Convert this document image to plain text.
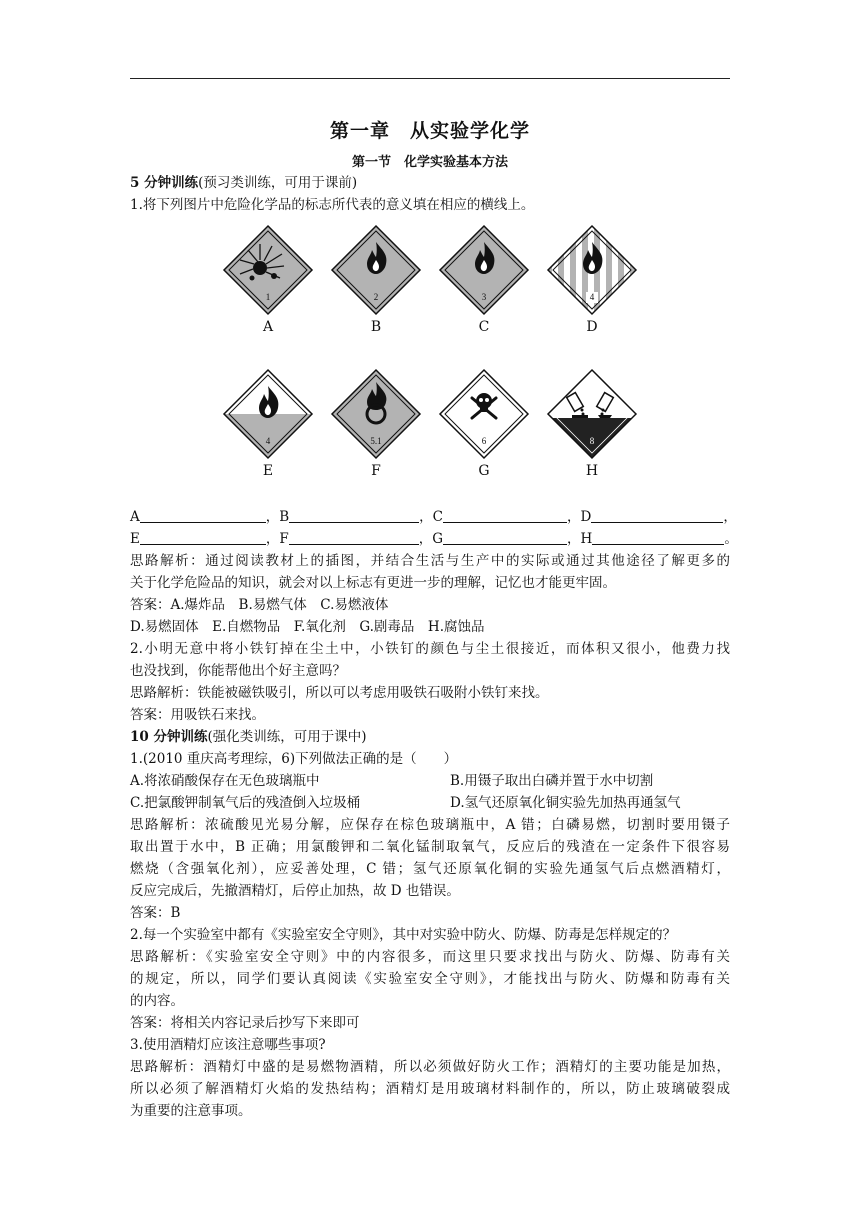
第一章　从实验学化学
第一节　化学实验基本方法
5 分钟训练(预习类训练，可用于课前)
1.将下列图片中危险化学品的标志所代表的意义填在相应的横线上。
1
A
2
B
3
C
4
D
4
E
5.1
F
6
G
8
H
A	，B	，C	，D	，
E	，F	，G	，H	。
思路解析：通过阅读教材上的插图，并结合生活与生产中的实际或通过其他途径了解更多的
关于化学危险品的知识，就会对以上标志有更进一步的理解，记忆也才能更牢固。
答案：A.爆炸品　B.易燃气体　C.易燃液体
D.易燃固体　E.自燃物品　F.氧化剂　G.剧毒品　H.腐蚀品
2.小明无意中将小铁钉掉在尘土中，小铁钉的颜色与尘土很接近，而体积又很小，他费力找
也没找到，你能帮他出个好主意吗？
思路解析：铁能被磁铁吸引，所以可以考虑用吸铁石吸附小铁钉来找。
答案：用吸铁石来找。
10 分钟训练(强化类训练，可用于课中)
1.(2010 重庆高考理综，6)下列做法正确的是（　　）
A.将浓硝酸保存在无色玻璃瓶中	B.用镊子取出白磷并置于水中切割
C.把氯酸钾制氧气后的残渣倒入垃圾桶	D.氢气还原氧化铜实验先加热再通氢气
思路解析：浓硫酸见光易分解，应保存在棕色玻璃瓶中，A 错；白磷易燃，切割时要用镊子
取出置于水中，B 正确；用氯酸钾和二氧化锰制取氧气，反应后的残渣在一定条件下很容易
燃烧（含强氧化剂），应妥善处理，C 错；氢气还原氧化铜的实验先通氢气后点燃酒精灯，
反应完成后，先撤酒精灯，后停止加热，故 D 也错误。
答案：B
2.每一个实验室中都有《实验室安全守则》，其中对实验中防火、防爆、防毒是怎样规定的？
思路解析：《实验室安全守则》中的内容很多，而这里只要求找出与防火、防爆、防毒有关
的规定，所以，同学们要认真阅读《实验室安全守则》，才能找出与防火、防爆和防毒有关
的内容。
答案：将相关内容记录后抄写下来即可
3.使用酒精灯应该注意哪些事项?
思路解析：酒精灯中盛的是易燃物酒精，所以必须做好防火工作；酒精灯的主要功能是加热，
所以必须了解酒精灯火焰的发热结构；酒精灯是用玻璃材料制作的，所以，防止玻璃破裂成
为重要的注意事项。
